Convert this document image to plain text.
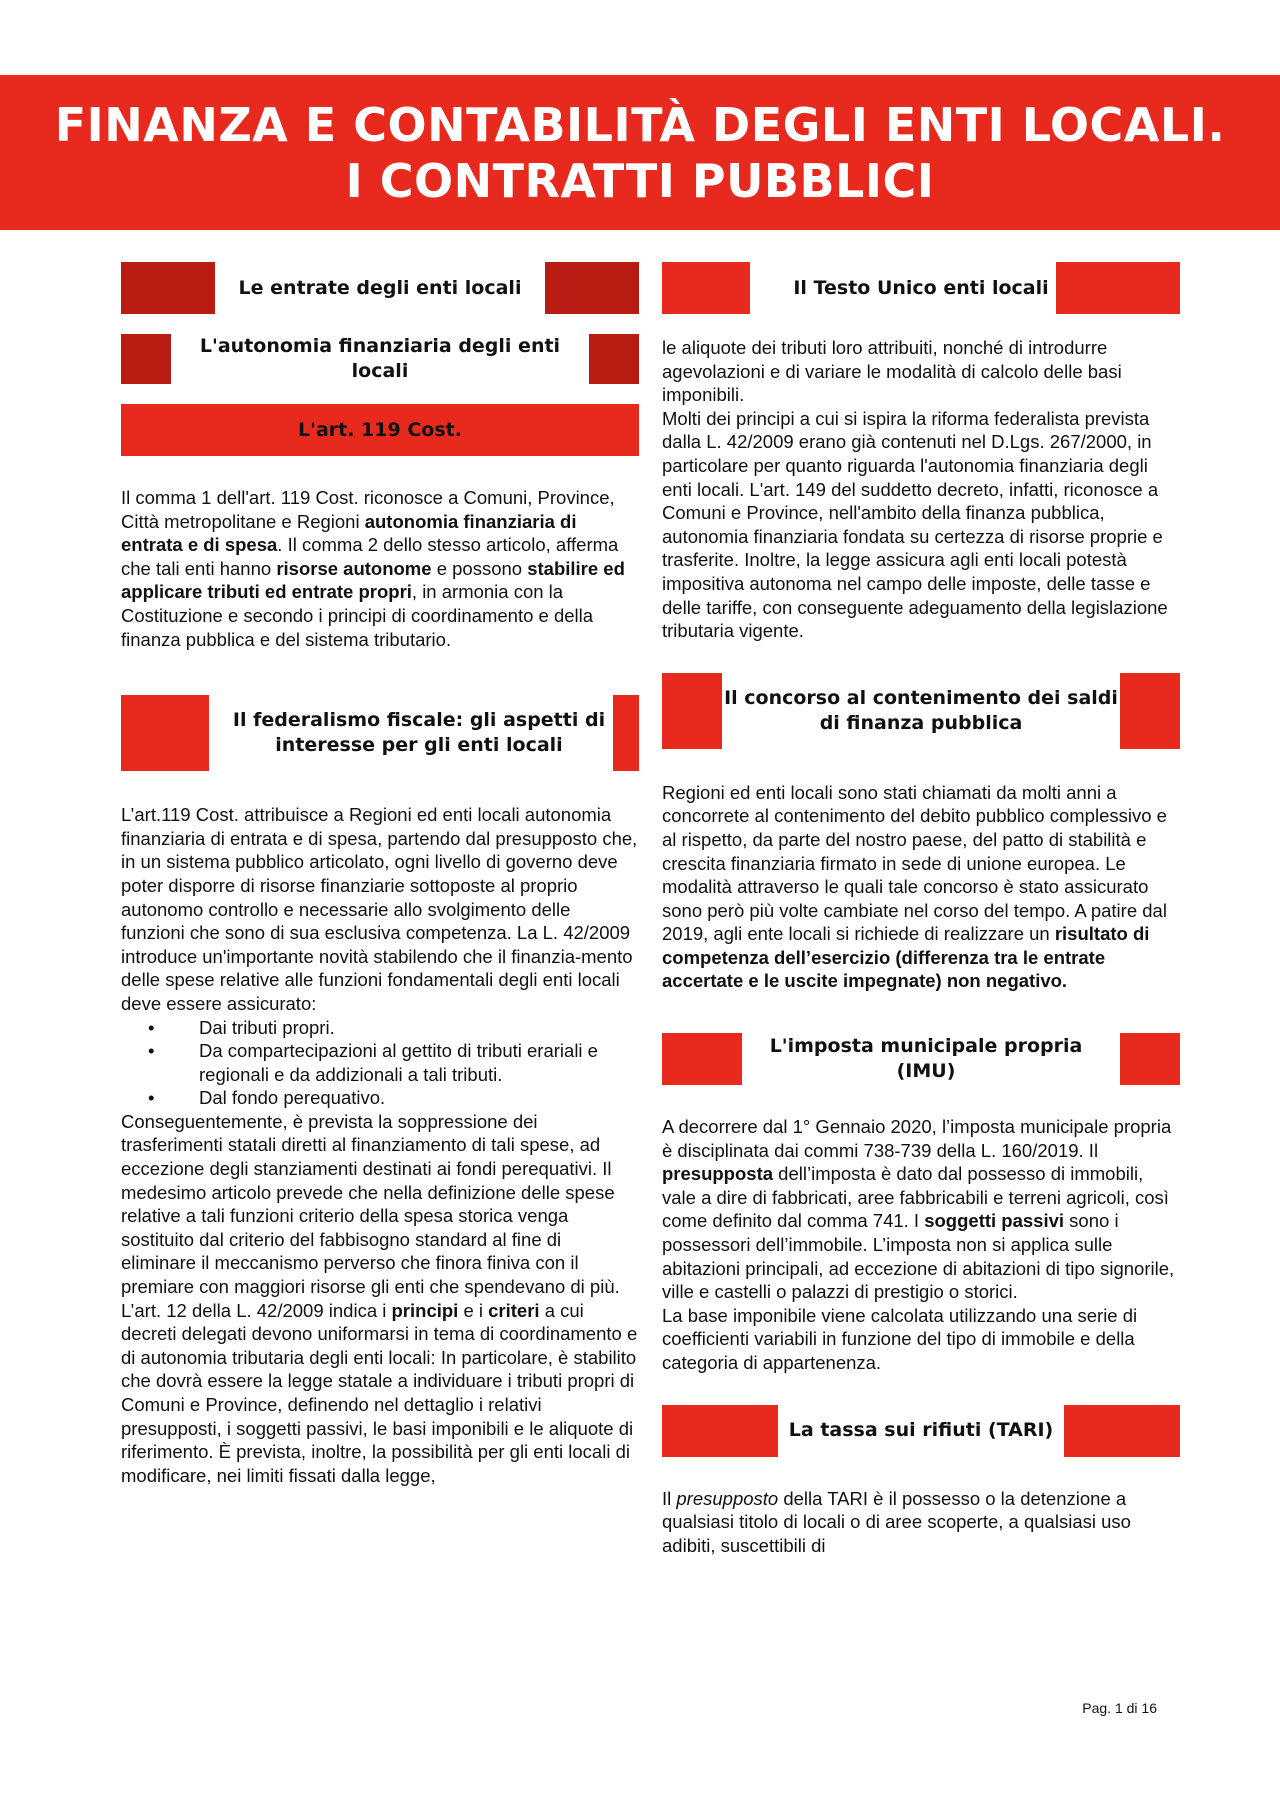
FINANZA E CONTABILITÀ DEGLI ENTI LOCALI.
I CONTRATTI PUBBLICI
Le entrate degli enti locali
L'autonomia finanziaria degli enti locali
L'art. 119 Cost.

Il comma 1 dell'art. 119 Cost. riconosce a Comuni, Province, Città metropolitane e Regioni autonomia finanziaria di entrata e di spesa. Il comma 2 dello stesso articolo, afferma che tali enti hanno risorse autonome e possono stabilire ed applicare tributi ed entrate propri, in armonia con la Costituzione e secondo i principi di coordinamento e della finanza pubblica e del sistema tributario.

Il federalismo fiscale: gli aspetti di interesse per gli enti locali

L’art.119 Cost. attribuisce a Regioni ed enti locali autonomia finanziaria di entrata e di spesa, partendo dal presupposto che, in un sistema pubblico articolato, ogni livello di governo deve poter disporre di risorse finanziarie sottoposte al proprio autonomo controllo e necessarie allo svolgimento delle funzioni che sono di sua esclusiva competenza. La L. 42/2009 introduce un'importante novità stabilendo che il finanzia-mento delle spese relative alle funzioni fondamentali degli enti locali deve essere assicurato:

• Dai tributi propri.
• Da compartecipazioni al gettito di tributi erariali e regionali e da addizionali a tali tributi.
• Dal fondo perequativo.

Conseguentemente, è prevista la soppressione dei trasferimenti statali diretti al finanziamento di tali spese, ad eccezione degli stanziamenti destinati ai fondi perequativi. Il medesimo articolo prevede che nella definizione delle spese relative a tali funzioni criterio della spesa storica venga sostituito dal criterio del fabbisogno standard al fine di eliminare il meccanismo perverso che finora finiva con il premiare con maggiori risorse gli enti che spendevano di più. L’art. 12 della L. 42/2009 indica i principi e i criteri a cui decreti delegati devono uniformarsi in tema di coordinamento e di autonomia tributaria degli enti locali: In particolare, è stabilito che dovrà essere la legge statale a individuare i tributi propri di Comuni e Province, definendo nel dettaglio i relativi presupposti, i soggetti passivi, le basi imponibili e le aliquote di riferimento. È prevista, inoltre, la possibilità per gli enti locali di modificare, nei limiti fissati dalla legge,

Il Testo Unico enti locali

le aliquote dei tributi loro attribuiti, nonché di introdurre agevolazioni e di variare le modalità di calcolo delle basi imponibili.
Molti dei principi a cui si ispira la riforma federalista prevista dalla L. 42/2009 erano già contenuti nel D.Lgs. 267/2000, in particolare per quanto riguarda l'autonomia finanziaria degli enti locali. L'art. 149 del suddetto decreto, infatti, riconosce a Comuni e Province, nell'ambito della finanza pubblica, autonomia finanziaria fondata su certezza di risorse proprie e trasferite. Inoltre, la legge assicura agli enti locali potestà impositiva autonoma nel campo delle imposte, delle tasse e delle tariffe, con conseguente adeguamento della legislazione tributaria vigente.

Il concorso al contenimento dei saldi di finanza pubblica

Regioni ed enti locali sono stati chiamati da molti anni a concorrete al contenimento del debito pubblico complessivo e al rispetto, da parte del nostro paese, del patto di stabilità e crescita finanziaria firmato in sede di unione europea. Le modalità attraverso le quali tale concorso è stato assicurato sono però più volte cambiate nel corso del tempo. A patire dal 2019, agli ente locali si richiede di realizzare un risultato di competenza dell’esercizio (differenza tra le entrate accertate e le uscite impegnate) non negativo.

L'imposta municipale propria (IMU)

A decorrere dal 1° Gennaio 2020, l’imposta municipale propria è disciplinata dai commi 738-739 della L. 160/2019. Il presupposta dell’imposta è dato dal possesso di immobili, vale a dire di fabbricati, aree fabbricabili e terreni agricoli, così come definito dal comma 741. I soggetti passivi sono i possessori dell’immobile. L’imposta non si applica sulle abitazioni principali, ad eccezione di abitazioni di tipo signorile, ville e castelli o palazzi di prestigio o storici.
La base imponibile viene calcolata utilizzando una serie di coefficienti variabili in funzione del tipo di immobile e della categoria di appartenenza.

La tassa sui rifiuti (TARI)

Il presupposto della TARI è il possesso o la detenzione a qualsiasi titolo di locali o di aree scoperte, a qualsiasi uso adibiti, suscettibili di

Pag. 1 di 16
